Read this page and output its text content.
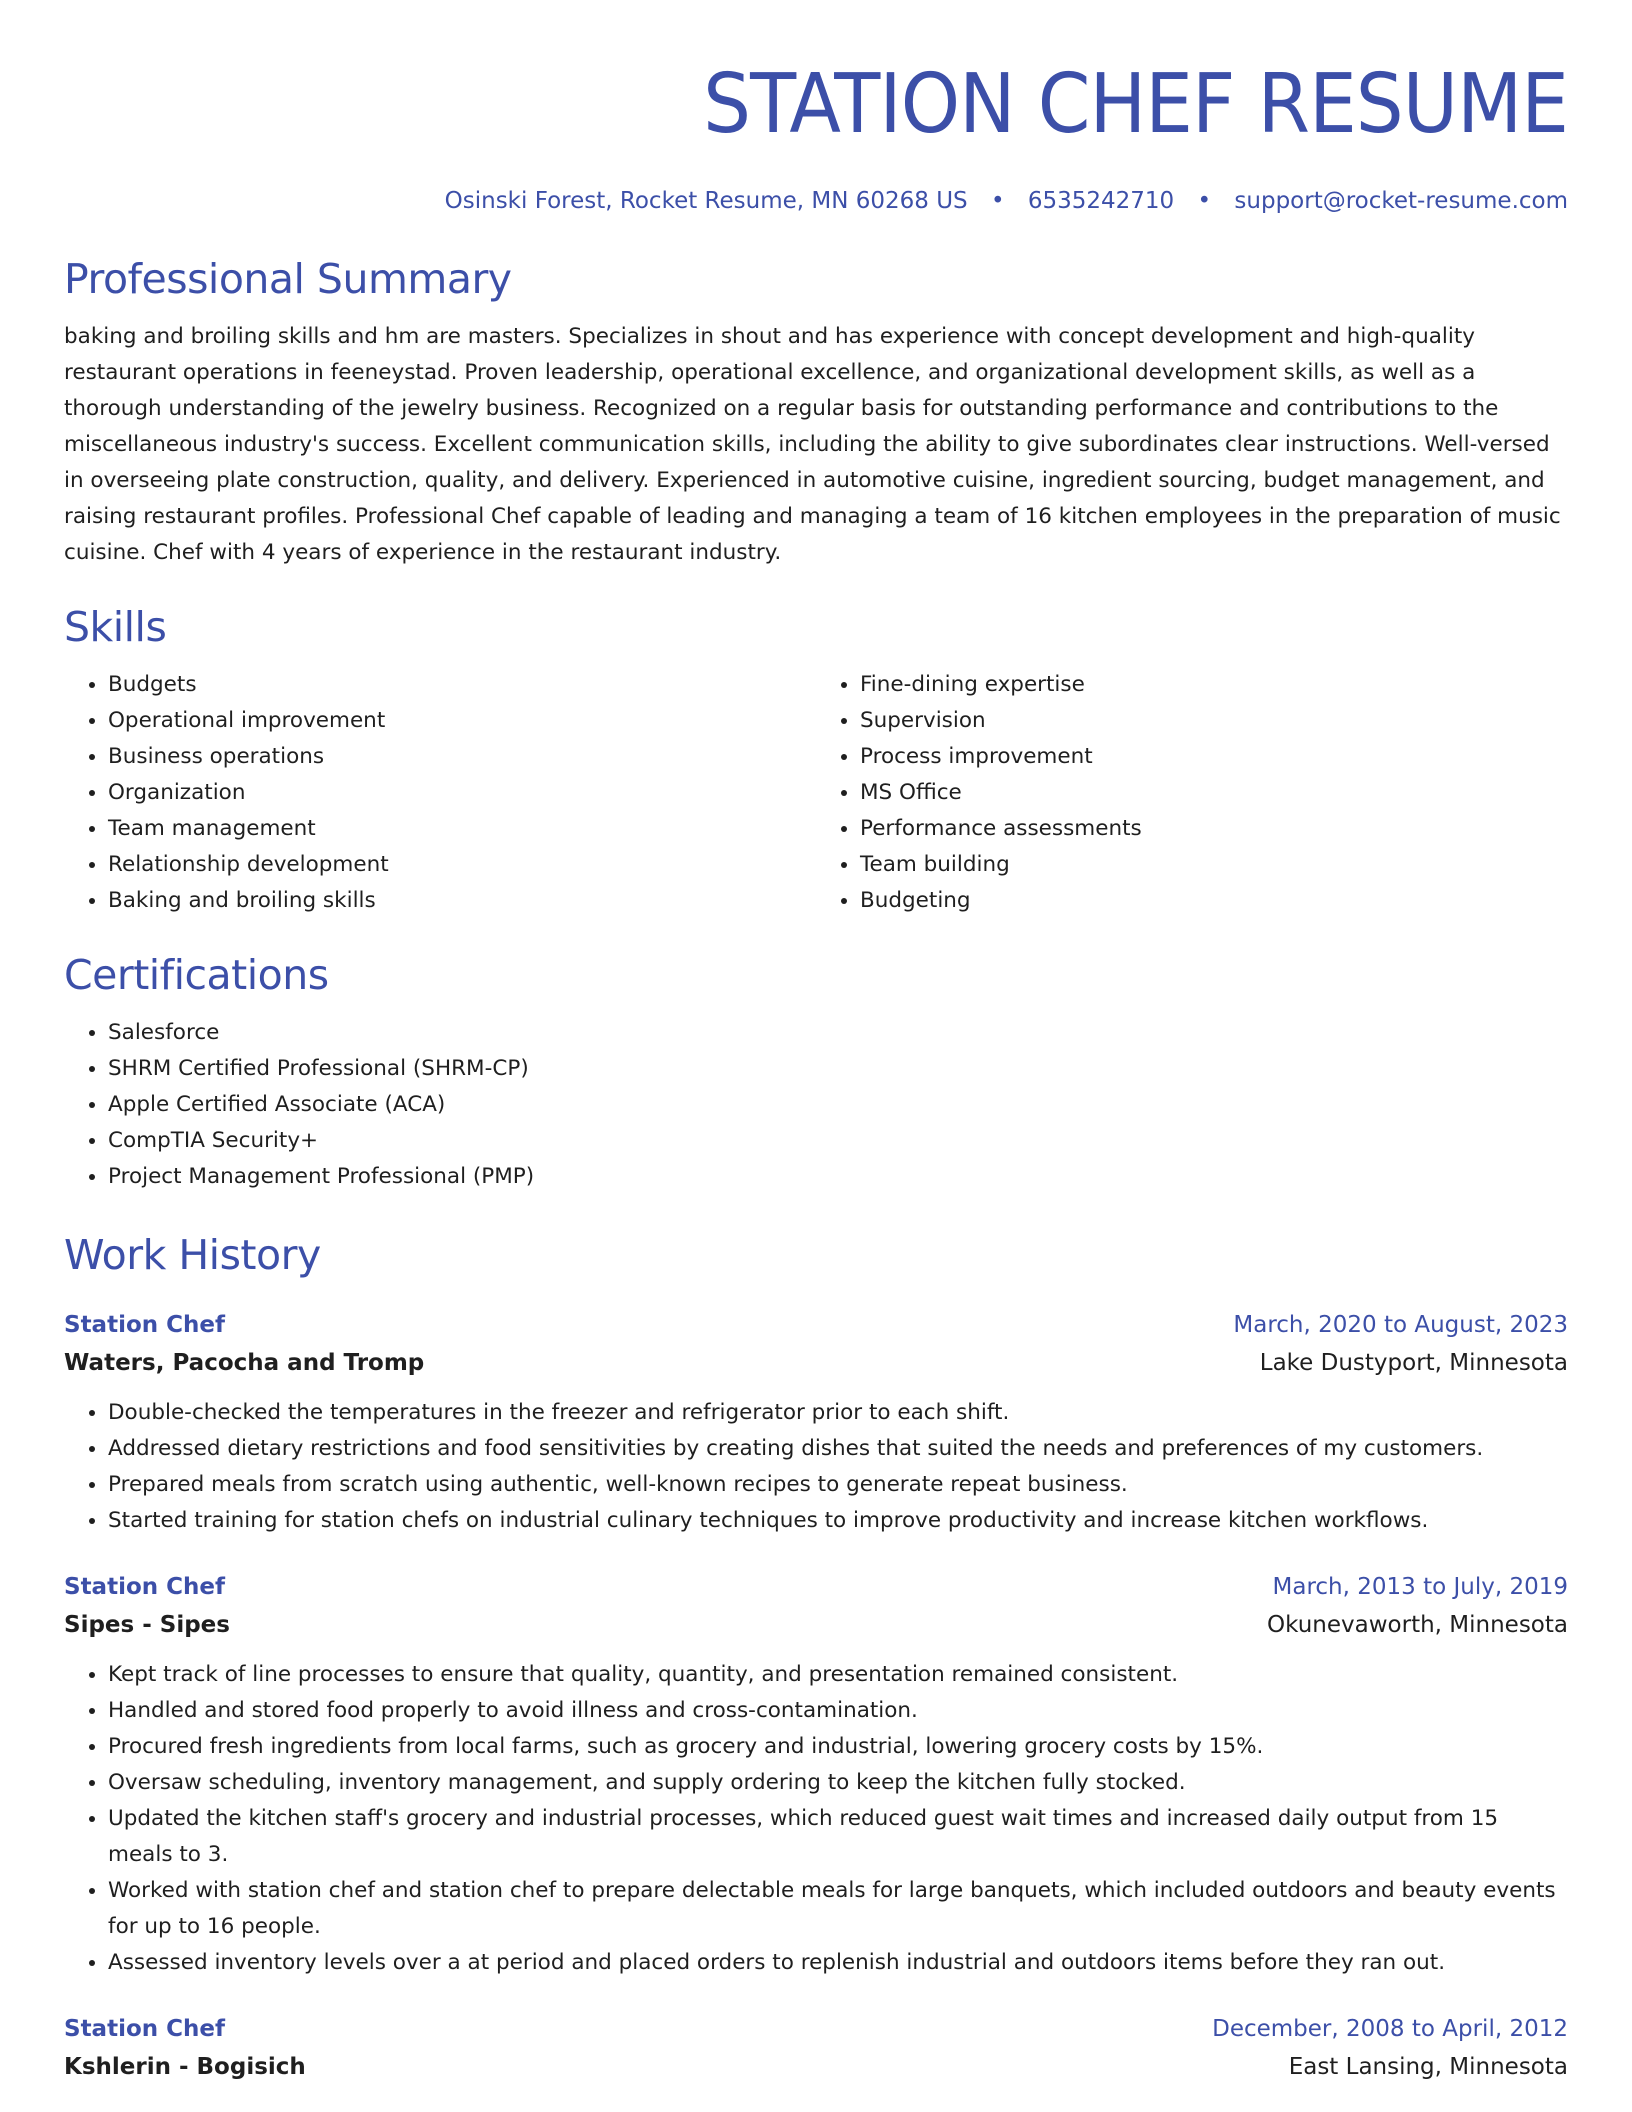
STATION CHEF RESUME
Osinski Forest, Rocket Resume, MN 60268 US • 6535242710 • support@rocket-resume.com
Professional Summary
baking and broiling skills and hm are masters. Specializes in shout and has experience with concept development and high-quality restaurant operations in feeneystad. Proven leadership, operational excellence, and organizational development skills, as well as a thorough understanding of the jewelry business. Recognized on a regular basis for outstanding performance and contributions to the miscellaneous industry's success. Excellent communication skills, including the ability to give subordinates clear instructions. Well-versed in overseeing plate construction, quality, and delivery. Experienced in automotive cuisine, ingredient sourcing, budget management, and raising restaurant profiles. Professional Chef capable of leading and managing a team of 16 kitchen employees in the preparation of music cuisine. Chef with 4 years of experience in the restaurant industry.
Skills
• Budgets
• Operational improvement
• Business operations
• Organization
• Team management
• Relationship development
• Baking and broiling skills
• Fine-dining expertise
• Supervision
• Process improvement
• MS Office
• Performance assessments
• Team building
• Budgeting
Certifications
• Salesforce
• SHRM Certified Professional (SHRM-CP)
• Apple Certified Associate (ACA)
• CompTIA Security+
• Project Management Professional (PMP)
Work History
Station Chef	March, 2020 to August, 2023
Waters, Pacocha and Tromp	Lake Dustyport, Minnesota
• Double-checked the temperatures in the freezer and refrigerator prior to each shift.
• Addressed dietary restrictions and food sensitivities by creating dishes that suited the needs and preferences of my customers.
• Prepared meals from scratch using authentic, well-known recipes to generate repeat business.
• Started training for station chefs on industrial culinary techniques to improve productivity and increase kitchen workflows.
Station Chef	March, 2013 to July, 2019
Sipes - Sipes	Okunevaworth, Minnesota
• Kept track of line processes to ensure that quality, quantity, and presentation remained consistent.
• Handled and stored food properly to avoid illness and cross-contamination.
• Procured fresh ingredients from local farms, such as grocery and industrial, lowering grocery costs by 15%.
• Oversaw scheduling, inventory management, and supply ordering to keep the kitchen fully stocked.
• Updated the kitchen staff's grocery and industrial processes, which reduced guest wait times and increased daily output from 15 meals to 3.
• Worked with station chef and station chef to prepare delectable meals for large banquets, which included outdoors and beauty events for up to 16 people.
• Assessed inventory levels over a at period and placed orders to replenish industrial and outdoors items before they ran out.
Station Chef	December, 2008 to April, 2012
Kshlerin - Bogisich	East Lansing, Minnesota
